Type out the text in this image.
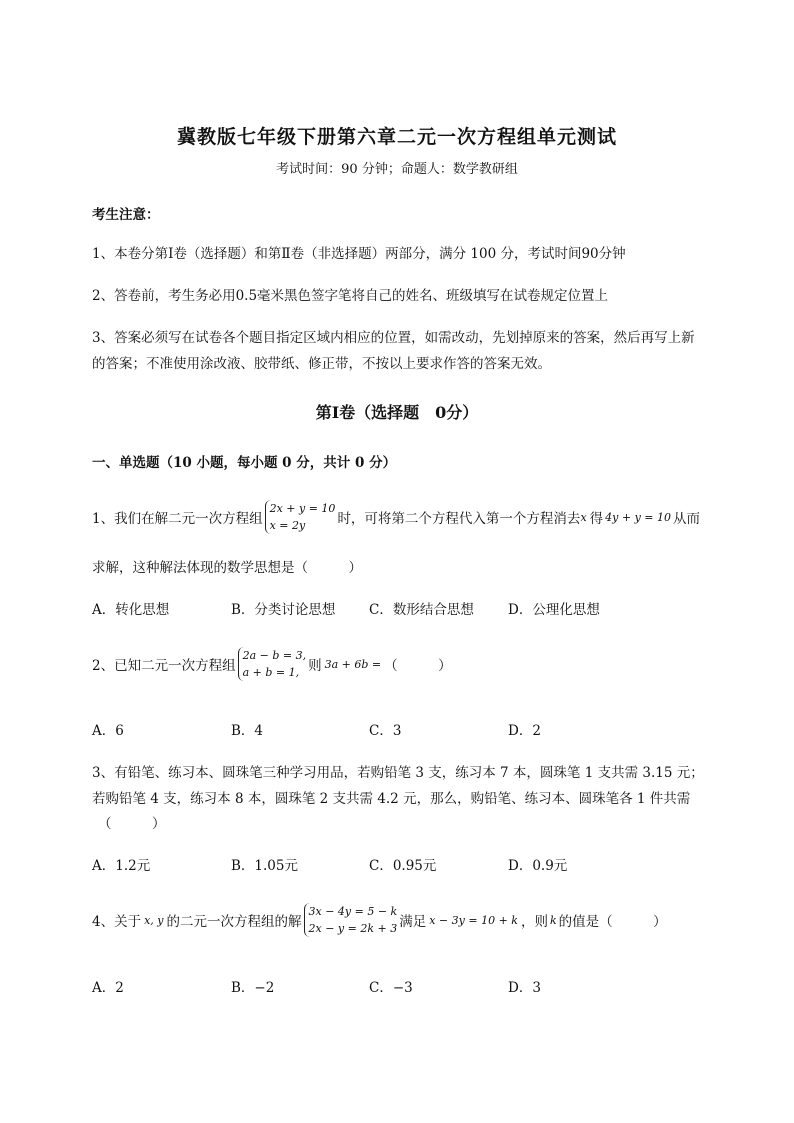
冀教版七年级下册第六章二元一次方程组单元测试
考试时间：90 分钟；命题人：数学教研组
考生注意：
1、本卷分第Ⅰ卷（选择题）和第Ⅱ卷（非选择题）两部分，满分 100 分，考试时间90分钟
2、答卷前，考生务必用0.5毫米黑色签字笔将自己的姓名、班级填写在试卷规定位置上
3、答案必须写在试卷各个题目指定区域内相应的位置，如需改动，先划掉原来的答案，然后再写上新
的答案；不准使用涂改液、胶带纸、修正带，不按以上要求作答的答案无效。
第Ⅰ卷（选择题　0分）
一、单选题（10 小题，每小题 0 分，共计 0 分）
1、我们在解二元一次方程组
2x + y = 10
x = 2y	时，可将第二个方程代入第一个方程消去x 得 4y + y = 10 从而
求解，这种解法体现的数学思想是（　　　）
A．转化思想	B．分类讨论思想 C．数形结合思想	D．公理化思想
2、已知二元一次方程组
2a − b = 3,
a + b = 1, 则 3a + 6b = （　　　）
A．6	B．4	C．3	D．2
3、有铅笔、练习本、圆珠笔三种学习用品，若购铅笔 3 支，练习本 7 本，圆珠笔 1 支共需 3.15 元；
若购铅笔 4 支，练习本 8 本，圆珠笔 2 支共需 4.2 元，那么，购铅笔、练习本、圆珠笔各 1 件共需
（　　　）
A．1.2元	B．1.05元	C．0.95元	D．0.9元
4、关于 x, y 的二元一次方程组的解
3x − 4y = 5 − k
2x − y = 2k + 3 满足 x − 3y = 10 + k ，则 k 的值是（　　　）
A．2	B．−2	C．−3	D．3
